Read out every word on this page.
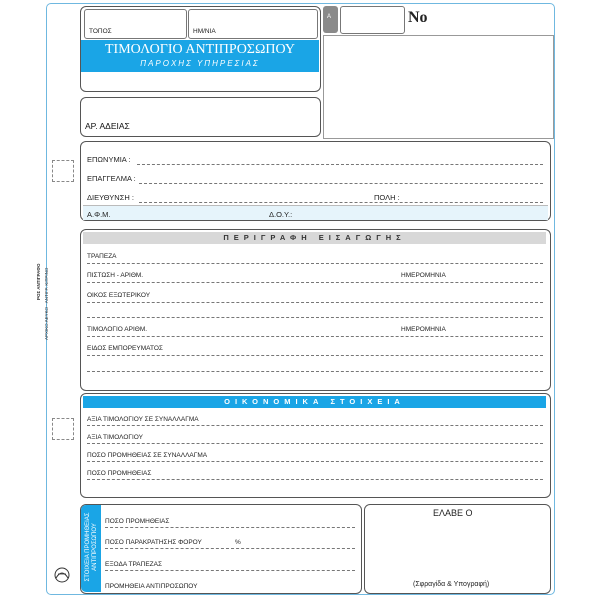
ΡΟΣ ΑΝΤΙΓΡΑΦΟ ΑΡΧΙΚΟ ΛΕΥΚΟ · ΑΝΤΙΓΡ. ΚΙΤΡΙΝΟ
ΤΟΠΟΣ	ΗΜ/ΝΙΑ
ΤΙΜΟΛΟΓΙΟ ΑΝΤΙΠΡΟΣΩΠΟΥ
ΠΑΡΟΧΗΣ ΥΠΗΡΕΣΙΑΣ
ΑΡ. ΑΔΕΙΑΣ
Α	No
ΕΠΩΝΥΜΙΑ :
ΕΠΑΓΓΕΛΜΑ :
ΔΙΕΥΘΥΝΣΗ :	ΠΟΛΗ :
Α.Φ.Μ.	Δ.Ο.Υ.:
ΠΕΡΙΓΡΑΦΗ ΕΙΣΑΓΩΓΗΣ
ΤΡΑΠΕΖΑ
ΠΙΣΤΩΣΗ - ΑΡΙΘΜ.	ΗΜΕΡΟΜΗΝΙΑ
ΟΙΚΟΣ ΕΞΩΤΕΡΙΚΟΥ
ΤΙΜΟΛΟΓΙΟ ΑΡΙΘΜ.	ΗΜΕΡΟΜΗΝΙΑ
ΕΙΔΟΣ ΕΜΠΟΡΕΥΜΑΤΟΣ
ΟΙΚΟΝΟΜΙΚΑ ΣΤΟΙΧΕΙΑ
ΑΞΙΑ ΤΙΜΟΛΟΓΙΟΥ ΣΕ ΣΥΝΑΛΛΑΓΜΑ
ΑΞΙΑ ΤΙΜΟΛΟΓΙΟΥ
ΠΟΣΟ ΠΡΟΜΗΘΕΙΑΣ ΣΕ ΣΥΝΑΛΛΑΓΜΑ
ΠΟΣΟ ΠΡΟΜΗΘΕΙΑΣ
ΣΤΟΙΧΕΙΑ ΠΡΟΜΗΘΕΙΑΣ ΑΝΤΙΠΡΟΣΩΠΟΥ
ΠΟΣΟ ΠΡΟΜΗΘΕΙΑΣ
ΠΟΣΟ ΠΑΡΑΚΡΑΤΗΣΗΣ ΦΟΡΟΥ	%
ΕΞΟΔΑ ΤΡΑΠΕΖΑΣ
ΠΡΟΜΗΘΕΙΑ ΑΝΤΙΠΡΟΣΩΠΟΥ
ΕΛΑΒΕ Ο
(Σφραγίδα & Υπογραφή)
